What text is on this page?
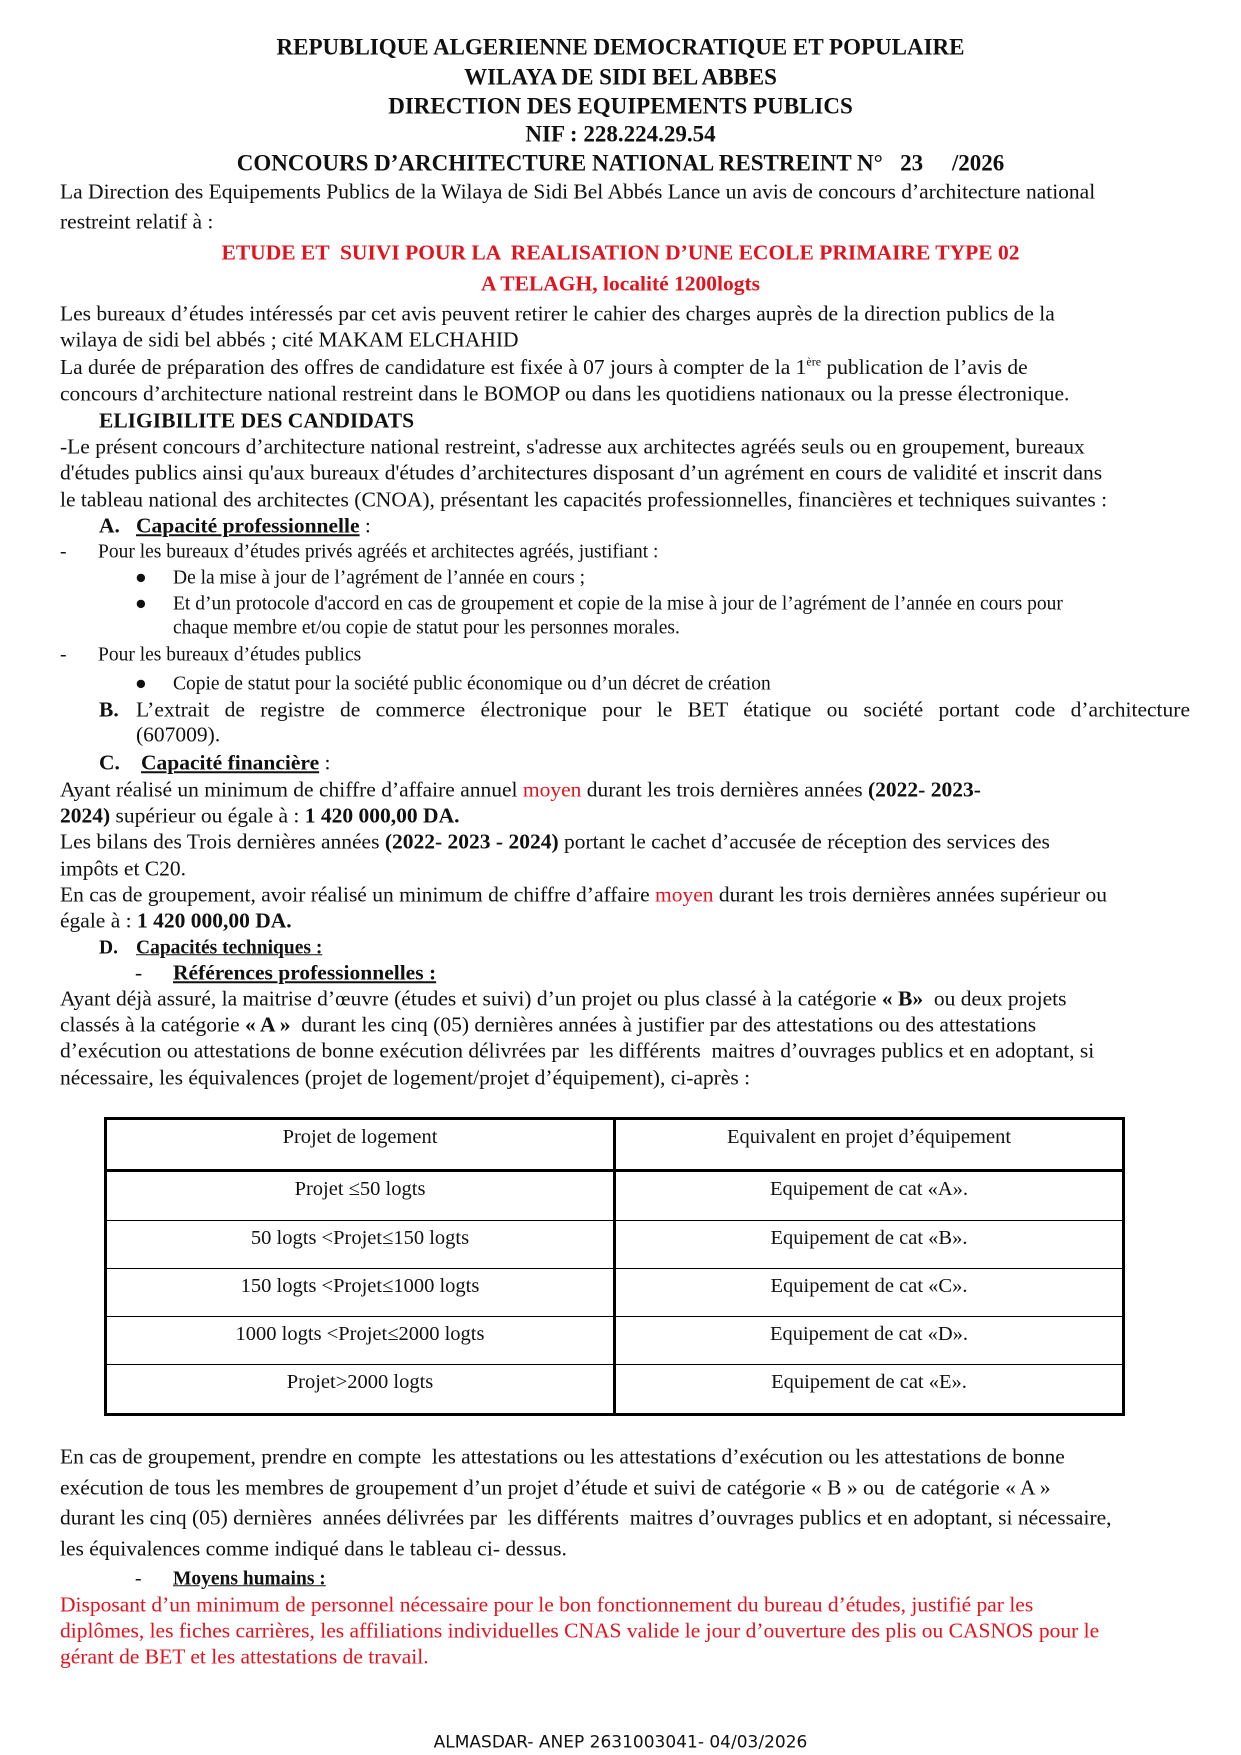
REPUBLIQUE ALGERIENNE DEMOCRATIQUE ET POPULAIRE
WILAYA DE SIDI BEL ABBES
DIRECTION DES EQUIPEMENTS PUBLICS
NIF : 228.224.29.54
CONCOURS D’ARCHITECTURE NATIONAL RESTREINT N°   23     /2026
La Direction des Equipements Publics de la Wilaya de Sidi Bel Abbés Lance un avis de concours d’architecture national
restreint relatif à :
ETUDE ET  SUIVI POUR LA  REALISATION D’UNE ECOLE PRIMAIRE TYPE 02
A TELAGH, localité 1200logts
Les bureaux d’études intéressés par cet avis peuvent retirer le cahier des charges auprès de la direction publics de la
wilaya de sidi bel abbés ; cité MAKAM ELCHAHID
La durée de préparation des offres de candidature est fixée à 07 jours à compter de la 1ère publication de l’avis de
concours d’architecture national restreint dans le BOMOP ou dans les quotidiens nationaux ou la presse électronique.
ELIGIBILITE DES CANDIDATS
-Le présent concours d’architecture national restreint, s'adresse aux architectes agréés seuls ou en groupement, bureaux
d'études publics ainsi qu'aux bureaux d'études d’architectures disposant d’un agrément en cours de validité et inscrit dans
le tableau national des architectes (CNOA), présentant les capacités professionnelles, financières et techniques suivantes :
A. Capacité professionnelle :
- Pour les bureaux d’études privés agréés et architectes agréés, justifiant :
● De la mise à jour de l’agrément de l’année en cours ;
● Et d’un protocole d'accord en cas de groupement et copie de la mise à jour de l’agrément de l’année en cours pour
chaque membre et/ou copie de statut pour les personnes morales.
- Pour les bureaux d’études publics
● Copie de statut pour la société public économique ou d’un décret de création
B. L’extrait de registre de commerce électronique pour le BET étatique ou société portant code d’architecture
(607009).
C. Capacité financière :
Ayant réalisé un minimum de chiffre d’affaire annuel moyen durant les trois dernières années (2022- 2023-
2024) supérieur ou égale à : 1 420 000,00 DA.
Les bilans des Trois dernières années (2022- 2023 - 2024) portant le cachet d’accusée de réception des services des
impôts et C20.
En cas de groupement, avoir réalisé un minimum de chiffre d’affaire moyen durant les trois dernières années supérieur ou
égale à : 1 420 000,00 DA.
D. Capacités techniques :
- Références professionnelles :
Ayant déjà assuré, la maitrise d’œuvre (études et suivi) d’un projet ou plus classé à la catégorie « B»  ou deux projets
classés à la catégorie « A »  durant les cinq (05) dernières années à justifier par des attestations ou des attestations
d’exécution ou attestations de bonne exécution délivrées par  les différents  maitres d’ouvrages publics et en adoptant, si
nécessaire, les équivalences (projet de logement/projet d’équipement), ci-après :
Projet de logement	Equivalent en projet d’équipement
Projet ≤50 logts	Equipement de cat «A».
50 logts <Projet≤150 logts	Equipement de cat «B».
150 logts <Projet≤1000 logts	Equipement de cat «C».
1000 logts <Projet≤2000 logts	Equipement de cat «D».
Projet>2000 logts	Equipement de cat «E».
En cas de groupement, prendre en compte  les attestations ou les attestations d’exécution ou les attestations de bonne
exécution de tous les membres de groupement d’un projet d’étude et suivi de catégorie « B » ou  de catégorie « A »
durant les cinq (05) dernières  années délivrées par  les différents  maitres d’ouvrages publics et en adoptant, si nécessaire,
les équivalences comme indiqué dans le tableau ci- dessus.
- Moyens humains :
Disposant d’un minimum de personnel nécessaire pour le bon fonctionnement du bureau d’études, justifié par les
diplômes, les fiches carrières, les affiliations individuelles CNAS valide le jour d’ouverture des plis ou CASNOS pour le
gérant de BET et les attestations de travail.
ALMASDAR- ANEP 2631003041- 04/03/2026
